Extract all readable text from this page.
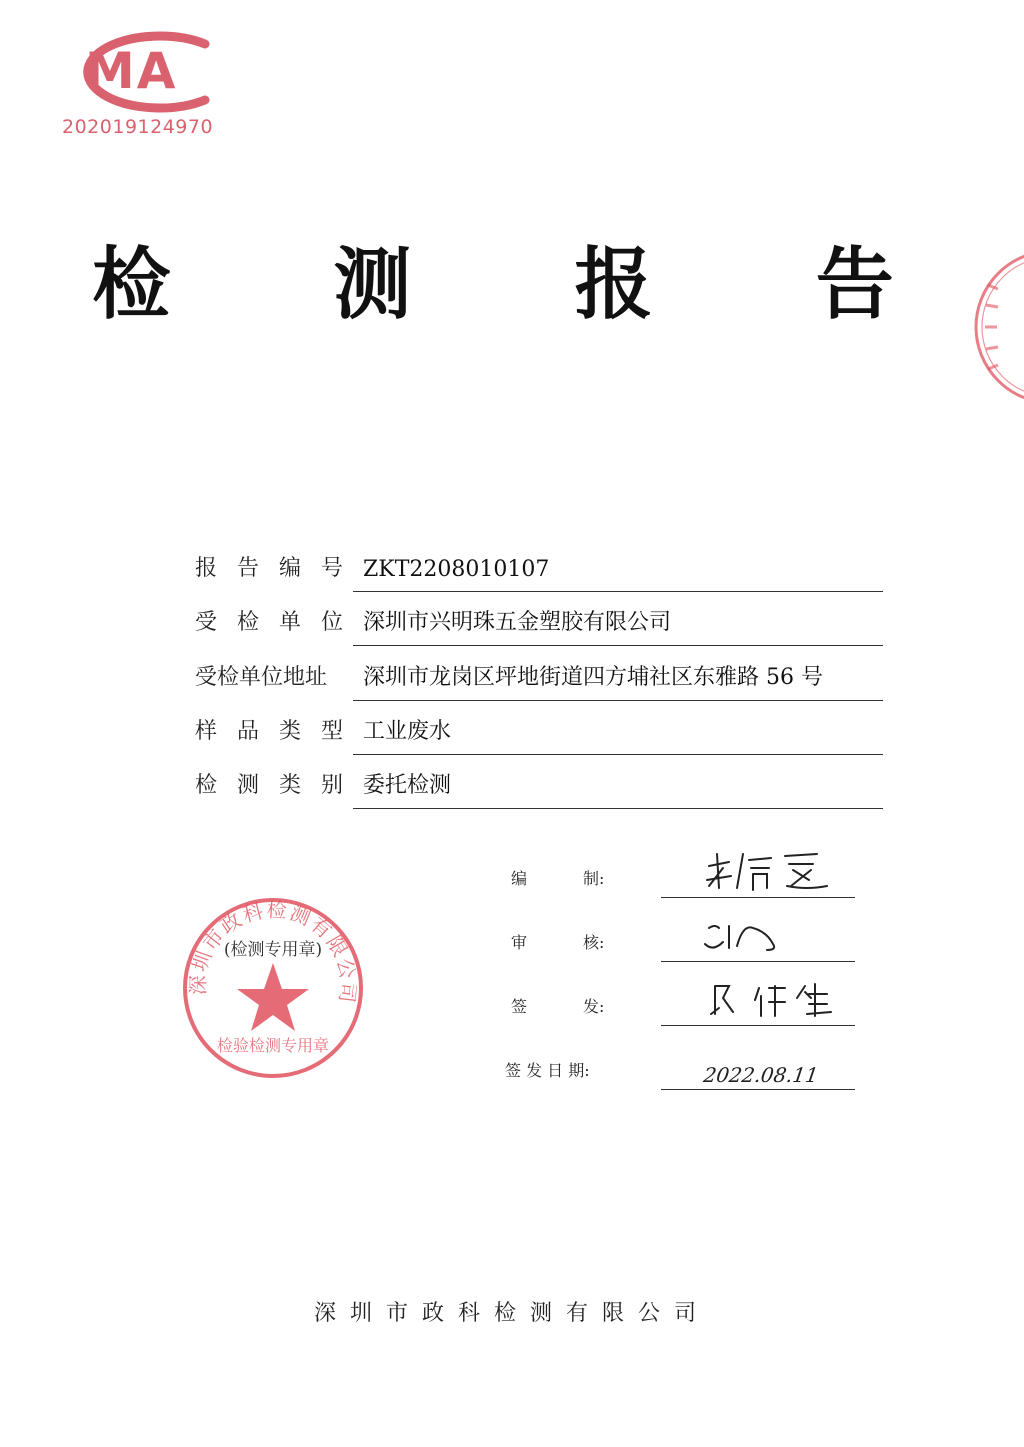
MA
202019124970
检 测 报 告
报告编号 ZKT2208010107
受检单位 深圳市兴明珠五金塑胶有限公司
受检单位地址	深圳市龙岗区坪地街道四方埔社区东雅路 56 号
样品类型 工业废水
检测类别 委托检测
编	制:
审	核:
签	发:
签 发 日 期:	2022.08.11
深圳市政科检测有限公司
(检测专用章)
检验检测专用章
深圳市政科检测有限公司
